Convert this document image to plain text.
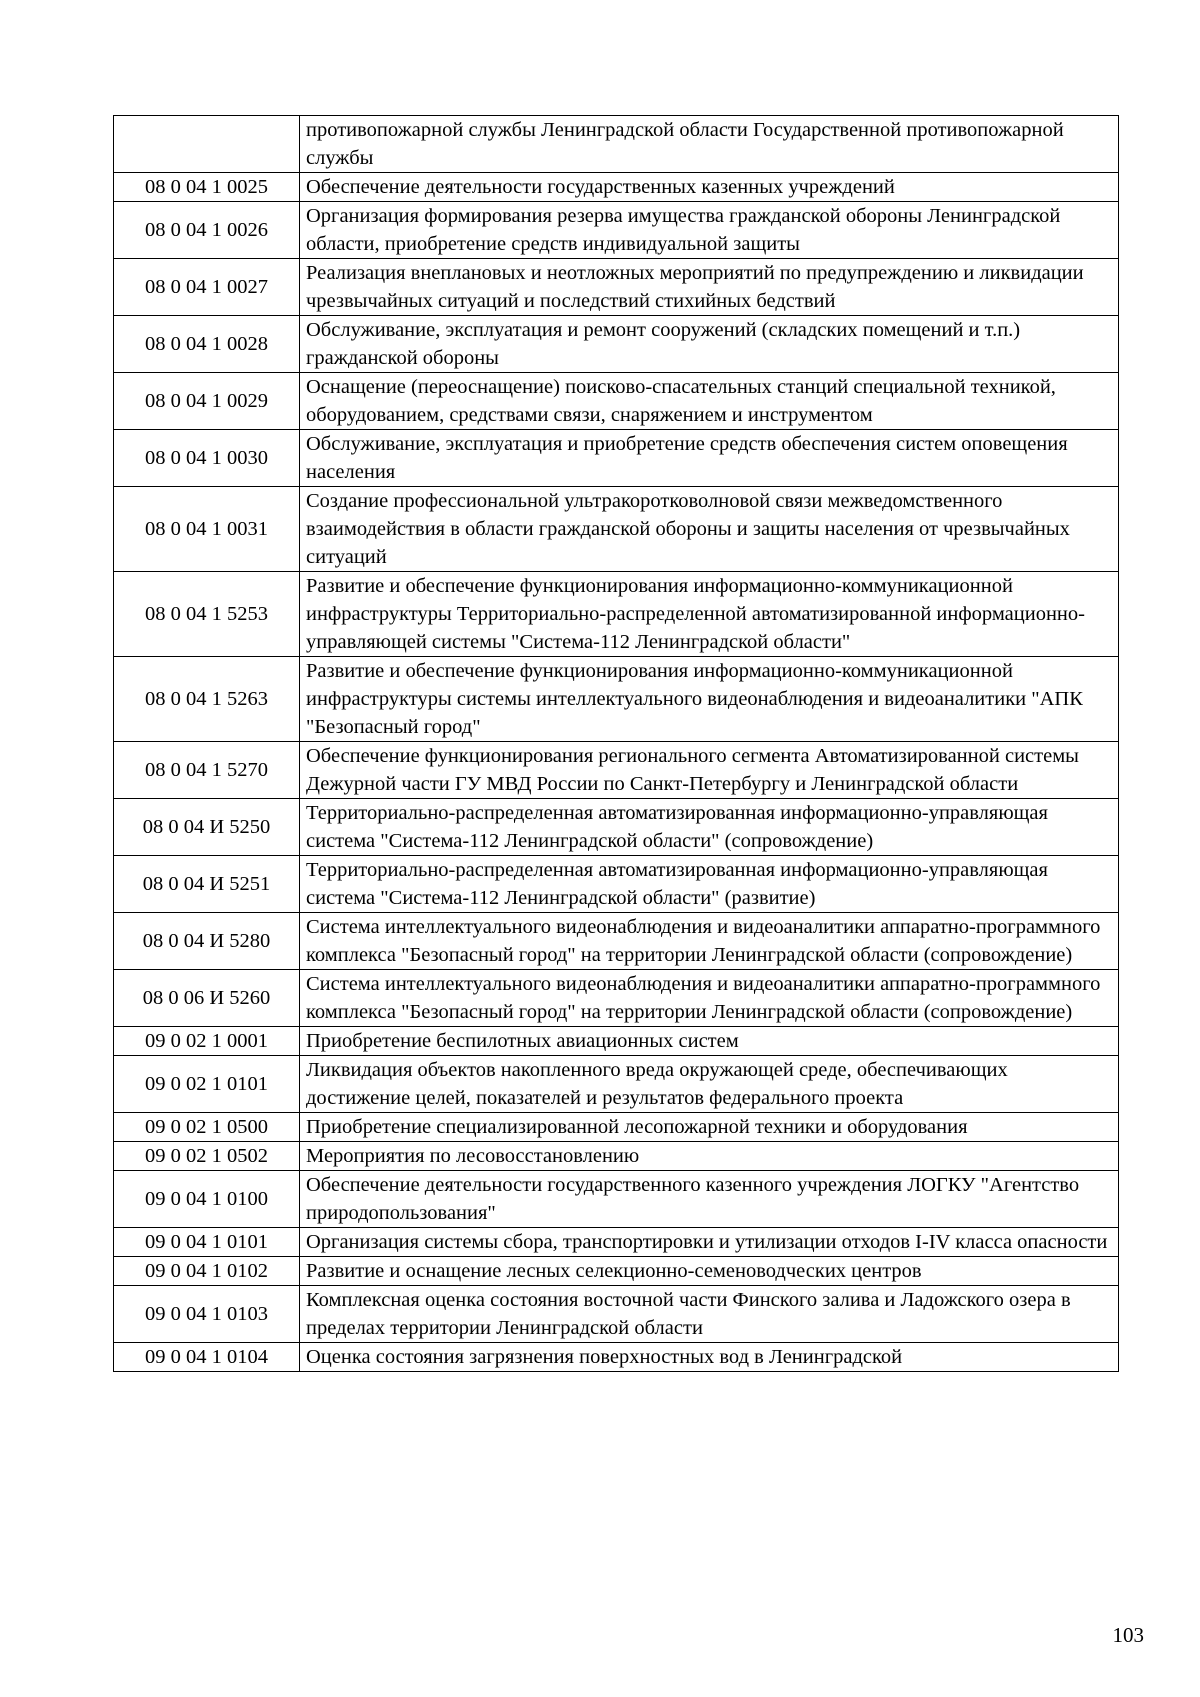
	противопожарной службы Ленинградской области Государственной противопожарной службы
08 0 04 1 0025	Обеспечение деятельности государственных казенных учреждений
08 0 04 1 0026	Организация формирования резерва имущества гражданской обороны Ленинградской области, приобретение средств индивидуальной защиты
08 0 04 1 0027	Реализация внеплановых и неотложных мероприятий по предупреждению и ликвидации чрезвычайных ситуаций и последствий стихийных бедствий
08 0 04 1 0028	Обслуживание, эксплуатация и ремонт сооружений (складских помещений и т.п.) гражданской обороны
08 0 04 1 0029	Оснащение (переоснащение) поисково-спасательных станций специальной техникой, оборудованием, средствами связи, снаряжением и инструментом
08 0 04 1 0030	Обслуживание, эксплуатация и приобретение средств обеспечения систем оповещения населения
08 0 04 1 0031	Создание профессиональной ультракоротковолновой связи межведомственного взаимодействия в области гражданской обороны и защиты населения от чрезвычайных ситуаций
08 0 04 1 5253	Развитие и обеспечение функционирования информационно-коммуникационной инфраструктуры Территориально-распределенной автоматизированной информационно-управляющей системы "Система-112 Ленинградской области"
08 0 04 1 5263	Развитие и обеспечение функционирования информационно-коммуникационной инфраструктуры системы интеллектуального видеонаблюдения и видеоаналитики "АПК "Безопасный город"
08 0 04 1 5270	Обеспечение функционирования регионального сегмента Автоматизированной системы Дежурной части ГУ МВД России по Санкт-Петербургу и Ленинградской области
08 0 04 И 5250	Территориально-распределенная автоматизированная информационно-управляющая система "Система-112 Ленинградской области" (сопровождение)
08 0 04 И 5251	Территориально-распределенная автоматизированная информационно-управляющая система "Система-112 Ленинградской области" (развитие)
08 0 04 И 5280	Система интеллектуального видеонаблюдения и видеоаналитики аппаратно-программного комплекса "Безопасный город" на территории Ленинградской области (сопровождение)
08 0 06 И 5260	Система интеллектуального видеонаблюдения и видеоаналитики аппаратно-программного комплекса "Безопасный город" на территории Ленинградской области (сопровождение)
09 0 02 1 0001	Приобретение беспилотных авиационных систем
09 0 02 1 0101	Ликвидация объектов накопленного вреда окружающей среде, обеспечивающих достижение целей, показателей и результатов федерального проекта
09 0 02 1 0500	Приобретение специализированной лесопожарной техники и оборудования
09 0 02 1 0502	Мероприятия по лесовосстановлению
09 0 04 1 0100	Обеспечение деятельности государственного казенного учреждения ЛОГКУ "Агентство природопользования"
09 0 04 1 0101	Организация системы сбора, транспортировки и утилизации отходов I-IV класса опасности
09 0 04 1 0102	Развитие и оснащение лесных селекционно-семеноводческих центров
09 0 04 1 0103	Комплексная оценка состояния восточной части Финского залива и Ладожского озера в пределах территории Ленинградской области
09 0 04 1 0104	Оценка состояния загрязнения поверхностных вод в Ленинградской
103
